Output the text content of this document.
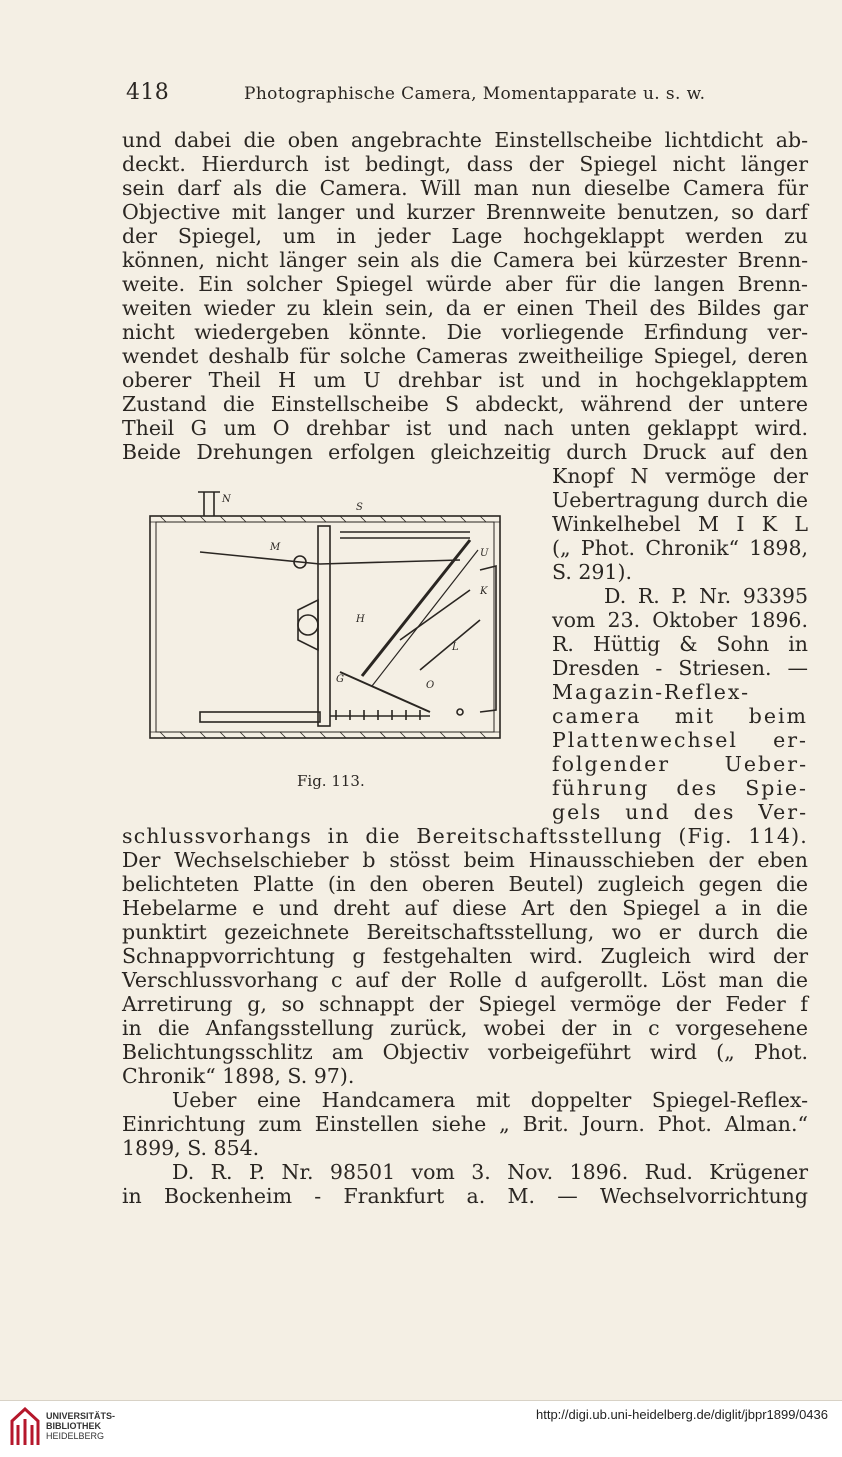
418	Photographische Camera, Momentapparate u. s. w.
und dabei die oben angebrachte Einstellscheibe lichtdicht ab-
deckt. Hierdurch ist bedingt, dass der Spiegel nicht länger
sein darf als die Camera. Will man nun dieselbe Camera für
Objective mit langer und kurzer Brennweite benutzen, so darf
der Spiegel, um in jeder Lage hochgeklappt werden zu
können, nicht länger sein als die Camera bei kürzester Brenn-
weite. Ein solcher Spiegel würde aber für die langen Brenn-
weiten wieder zu klein sein, da er einen Theil des Bildes gar
nicht wiedergeben könnte. Die vorliegende Erfindung ver-
wendet deshalb für solche Cameras zweitheilige Spiegel, deren
oberer Theil H um U drehbar ist und in hochgeklapptem
Zustand die Einstellscheibe S abdeckt, während der untere
Theil G um O drehbar ist und nach unten geklappt wird.
Beide Drehungen erfolgen gleichzeitig durch Druck auf den
Knopf N vermöge der
Uebertragung durch die
Winkelhebel M I K L
(„ Phot. Chronik“ 1898,
S. 291).
D. R. P. Nr. 93395
vom 23. Oktober 1896.
R. Hüttig & Sohn in
Dresden - Striesen. —
Magazin-Reflex-
camera mit beim
Plattenwechsel er-
folgender Ueber-
führung des Spie-
gels und des Ver-
N
S
M
U
K
H
L
G
O
Fig. 113.
schlussvorhangs in die Bereitschaftsstellung (Fig. 114).
Der Wechselschieber b stösst beim Hinausschieben der eben
belichteten Platte (in den oberen Beutel) zugleich gegen die
Hebelarme e und dreht auf diese Art den Spiegel a in die
punktirt gezeichnete Bereitschaftsstellung, wo er durch die
Schnappvorrichtung g festgehalten wird. Zugleich wird der
Verschlussvorhang c auf der Rolle d aufgerollt. Löst man die
Arretirung g, so schnappt der Spiegel vermöge der Feder f
in die Anfangsstellung zurück, wobei der in c vorgesehene
Belichtungsschlitz am Objectiv vorbeigeführt wird („ Phot.
Chronik“ 1898, S. 97).
Ueber eine Handcamera mit doppelter Spiegel-Reflex-
Einrichtung zum Einstellen siehe „ Brit. Journ. Phot. Alman.“
1899, S. 854.
D. R. P. Nr. 98501 vom 3. Nov. 1896. Rud. Krügener
in Bockenheim - Frankfurt a. M. — Wechselvorrichtung
UNIVERSITÄTS-
BIBLIOTHEK
HEIDELBERG
http://digi.ub.uni-heidelberg.de/diglit/jbpr1899/0436
